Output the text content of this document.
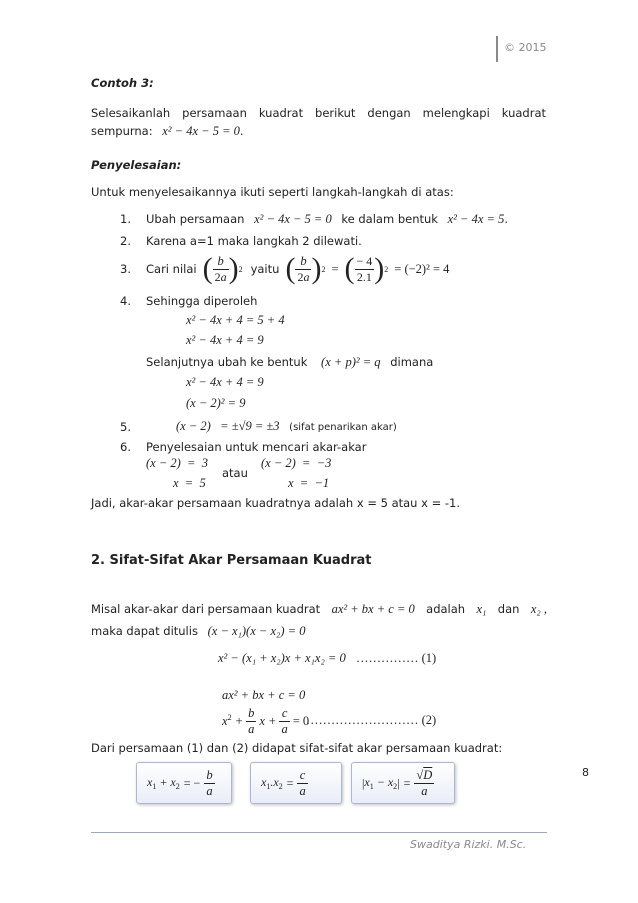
© 2015
Contoh 3:
Selesaikanlah persamaan kuadrat berikut dengan melengkapi kuadrat
sempurna: x² − 4x − 5 = 0.
Penyelesaian:
Untuk menyelesaikannya ikuti seperti langkah-langkah di atas:
1. Ubah persamaan x² − 4x − 5 = 0 ke dalam bentuk x² − 4x = 5.
2. Karena a=1 maka langkah 2 dilewati.
3. Cari nilai ( $\frac{b}{2a}$ ) 2 yaitu ( $\frac{b}{2a}$ ) 2 = ( $\frac{- 4}{2.1}$ ) 2 = (−2)² = 4
4. Sehingga diperoleh
x² − 4x + 4 = 5 + 4
x² − 4x + 4 = 9
Selanjutnya ubah ke bentuk (x + p)² = q dimana
x² − 4x + 4 = 9
(x − 2)² = 9
5.	(x − 2)   = ±√9 = ±3 (sifat penarikan akar)
6. Penyelesaian untuk mencari akar-akar
(x − 2)  =  3
x  =  5
atau
(x − 2)  =  −3
x  =  −1
Jadi, akar-akar persamaan kuadratnya adalah x = 5 atau x = -1.
2. Sifat-Sifat Akar Persamaan Kuadrat
Misal akar-akar dari persamaan kuadrat ax² + bx + c = 0 adalah x₁ dan x₂ ,
maka dapat ditulis (x − x₁)(x − x₂) = 0
x² − (x₁ + x₂)x + x₁x₂ = 0 …………… (1)
ax² + bx + c = 0
$x^2 + \frac{b}{a}$ $x + \frac{c}{a} = 0$
……………………… (2)
Dari persamaan (1) dan (2) didapat sifat-sifat akar persamaan kuadrat:
$x_1 + x_2$ = − $\frac{b}{a}$	$x_1.x_2 = \frac{c}{a}$	| $x_1 - x_2$ | = $\frac{√D}{a}$	8
Swaditya Rizki. M.Sc.
